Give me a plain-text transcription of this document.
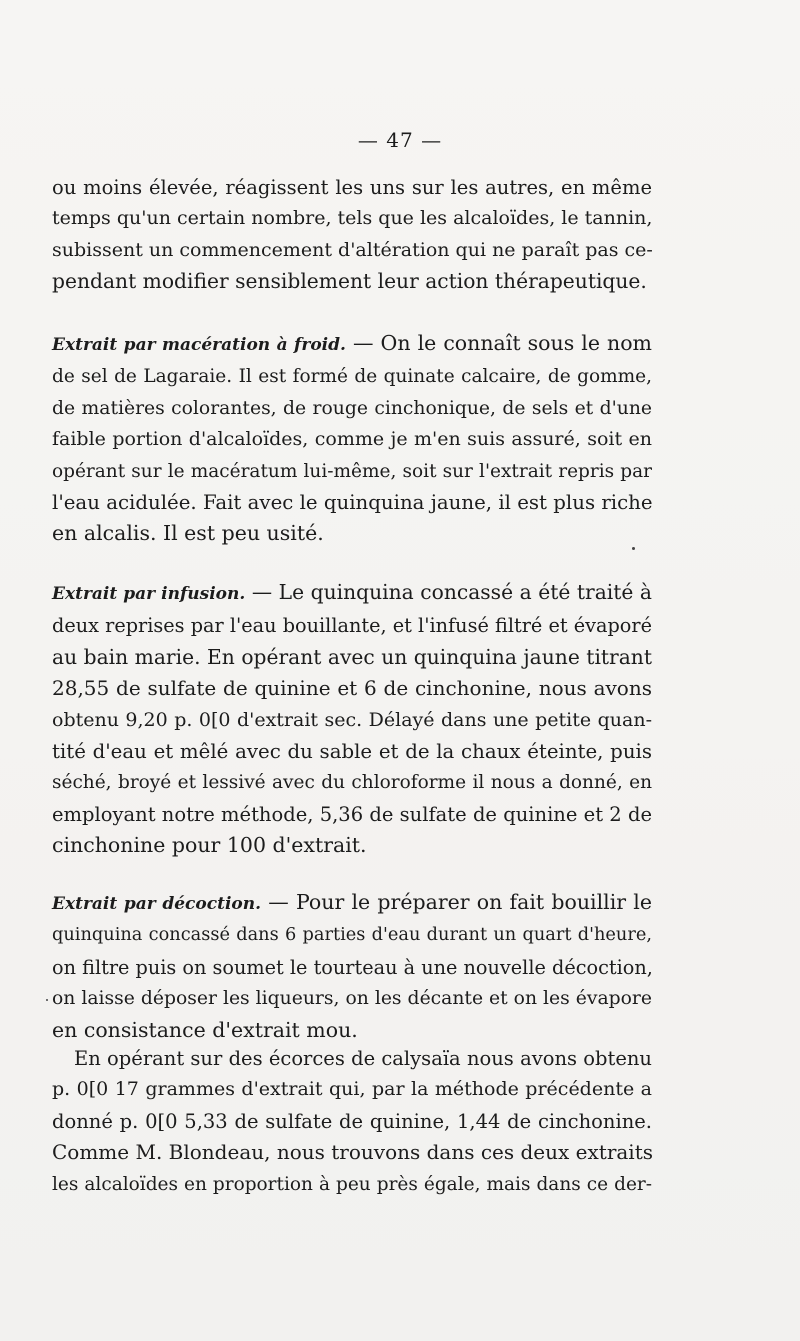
— 47 —
ou moins élevée, réagissent les uns sur les autres, en même
temps qu'un certain nombre, tels que les alcaloïdes, le tannin,
subissent un commencement d'altération qui ne paraît pas ce-
pendant modifier sensiblement leur action thérapeutique.
Extrait par macération à froid. — On le connaît sous le nom
de sel de Lagaraie. Il est formé de quinate calcaire, de gomme,
de matières colorantes, de rouge cinchonique, de sels et d'une
faible portion d'alcaloïdes, comme je m'en suis assuré, soit en
opérant sur le macératum lui-même, soit sur l'extrait repris par
l'eau acidulée. Fait avec le quinquina jaune, il est plus riche
en alcalis. Il est peu usité.
Extrait par infusion. — Le quinquina concassé a été traité à
deux reprises par l'eau bouillante, et l'infusé filtré et évaporé
au bain marie. En opérant avec un quinquina jaune titrant
28,55 de sulfate de quinine et 6 de cinchonine, nous avons
obtenu 9,20 p. 0[0 d'extrait sec. Délayé dans une petite quan-
tité d'eau et mêlé avec du sable et de la chaux éteinte, puis
séché, broyé et lessivé avec du chloroforme il nous a donné, en
employant notre méthode, 5,36 de sulfate de quinine et 2 de
cinchonine pour 100 d'extrait.
Extrait par décoction. — Pour le préparer on fait bouillir le
quinquina concassé dans 6 parties d'eau durant un quart d'heure,
on filtre puis on soumet le tourteau à une nouvelle décoction,
on laisse déposer les liqueurs, on les décante et on les évapore
en consistance d'extrait mou.
En opérant sur des écorces de calysaïa nous avons obtenu
p. 0[0 17 grammes d'extrait qui, par la méthode précédente a
donné p. 0[0 5,33 de sulfate de quinine, 1,44 de cinchonine.
Comme M. Blondeau, nous trouvons dans ces deux extraits
les alcaloïdes en proportion à peu près égale, mais dans ce der-
